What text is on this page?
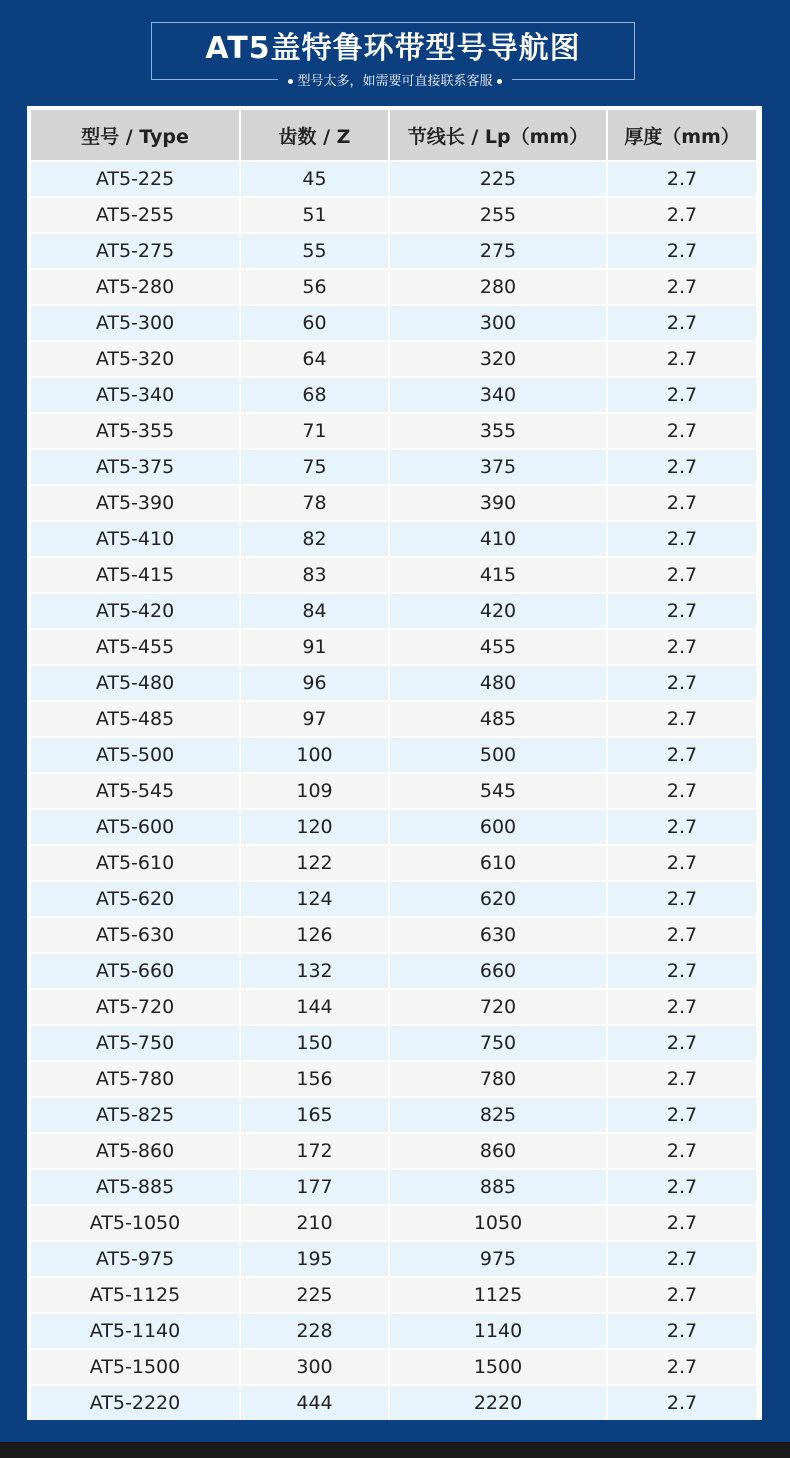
AT5盖特鲁环带型号导航图
型号太多，如需要可直接联系客服
型号 / Type	齿数 / Z	节线长 / Lp（mm）	厚度（mm）
AT5-225	45	225	2.7
AT5-255	51	255	2.7
AT5-275	55	275	2.7
AT5-280	56	280	2.7
AT5-300	60	300	2.7
AT5-320	64	320	2.7
AT5-340	68	340	2.7
AT5-355	71	355	2.7
AT5-375	75	375	2.7
AT5-390	78	390	2.7
AT5-410	82	410	2.7
AT5-415	83	415	2.7
AT5-420	84	420	2.7
AT5-455	91	455	2.7
AT5-480	96	480	2.7
AT5-485	97	485	2.7
AT5-500	100	500	2.7
AT5-545	109	545	2.7
AT5-600	120	600	2.7
AT5-610	122	610	2.7
AT5-620	124	620	2.7
AT5-630	126	630	2.7
AT5-660	132	660	2.7
AT5-720	144	720	2.7
AT5-750	150	750	2.7
AT5-780	156	780	2.7
AT5-825	165	825	2.7
AT5-860	172	860	2.7
AT5-885	177	885	2.7
AT5-1050	210	1050	2.7
AT5-975	195	975	2.7
AT5-1125	225	1125	2.7
AT5-1140	228	1140	2.7
AT5-1500	300	1500	2.7
AT5-2220	444	2220	2.7
